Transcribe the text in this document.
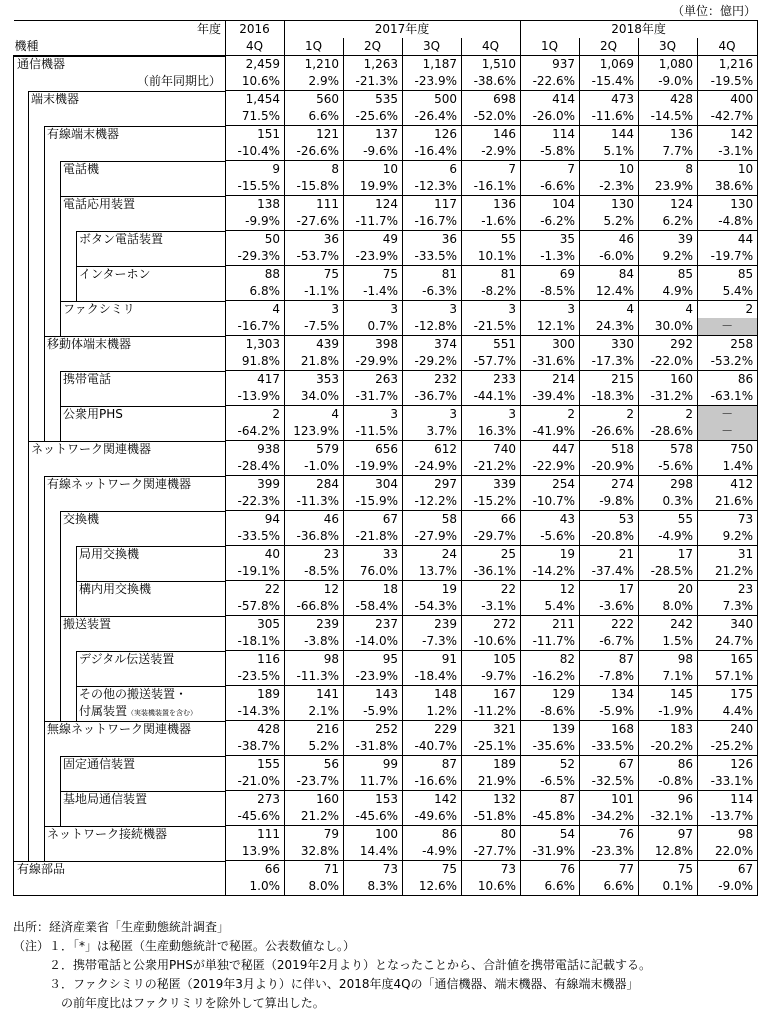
（単位：億円）
年度	2016	2017年度				2018年度			

機種	4Q	1Q	2Q	3Q	4Q	1Q	2Q	3Q	4Q

通信機器	2,459	1,210	1,263	1,187	1,510	937	1,069	1,080	1,216

（前年同期比）	10.6%	2.9%	-21.3%	-23.9%	-38.6%	-22.6%	-15.4%	-9.0%	-19.5%

端末機器	1,454	560	535	500	698	414	473	428	400

	71.5%	6.6%	-25.6%	-26.4%	-52.0%	-26.0%	-11.6%	-14.5%	-42.7%

有線端末機器	151	121	137	126	146	114	144	136	142

	-10.4%	-26.6%	-9.6%	-16.4%	-2.9%	-5.8%	5.1%	7.7%	-3.1%

電話機	9	8	10	6	7	7	10	8	10

	-15.5%	-15.8%	19.9%	-12.3%	-16.1%	-6.6%	-2.3%	23.9%	38.6%

電話応用装置	138	111	124	117	136	104	130	124	130

	-9.9%	-27.6%	-11.7%	-16.7%	-1.6%	-6.2%	5.2%	6.2%	-4.8%

ボタン電話装置	50	36	49	36	55	35	46	39	44

	-29.3%	-53.7%	-23.9%	-33.5%	10.1%	-1.3%	-6.0%	9.2%	-19.7%

インターホン	88	75	75	81	81	69	84	85	85

	6.8%	-1.1%	-1.4%	-6.3%	-8.2%	-8.5%	12.4%	4.9%	5.4%

ファクシミリ	4	3	3	3	3	3	4	4	2

	-16.7%	-7.5%	0.7%	-12.8%	-21.5%	12.1%	24.3%	30.0%	－

移動体端末機器	1,303	439	398	374	551	300	330	292	258

	91.8%	21.8%	-29.9%	-29.2%	-57.7%	-31.6%	-17.3%	-22.0%	-53.2%

携帯電話	417	353	263	232	233	214	215	160	86

	-13.9%	34.0%	-31.7%	-36.7%	-44.1%	-39.4%	-18.3%	-31.2%	-63.1%

公衆用PHS	2	4	3	3	3	2	2	2	－

	-64.2%	123.9%	-11.5%	3.7%	16.3%	-41.9%	-26.6%	-28.6%	－

ネットワーク関連機器	938	579	656	612	740	447	518	578	750

	-28.4%	-1.0%	-19.9%	-24.9%	-21.2%	-22.9%	-20.9%	-5.6%	1.4%

有線ネットワーク関連機器	399	284	304	297	339	254	274	298	412

	-22.3%	-11.3%	-15.9%	-12.2%	-15.2%	-10.7%	-9.8%	0.3%	21.6%

交換機	94	46	67	58	66	43	53	55	73

	-33.5%	-36.8%	-21.8%	-27.9%	-29.7%	-5.6%	-20.8%	-4.9%	9.2%

局用交換機	40	23	33	24	25	19	21	17	31

	-19.1%	-8.5%	76.0%	13.7%	-36.1%	-14.2%	-37.4%	-28.5%	21.2%

構内用交換機	22	12	18	19	22	12	17	20	23

	-57.8%	-66.8%	-58.4%	-54.3%	-3.1%	5.4%	-3.6%	8.0%	7.3%

搬送装置	305	239	237	239	272	211	222	242	340

	-18.1%	-3.8%	-14.0%	-7.3%	-10.6%	-11.7%	-6.7%	1.5%	24.7%

デジタル伝送装置	116	98	95	91	105	82	87	98	165

	-23.5%	-11.3%	-23.9%	-18.4%	-9.7%	-16.2%	-7.8%	7.1%	57.1%

その他の搬送装置・	189	141	143	148	167	129	134	145	175

付属装置（実装機装置を含む）	-14.3%	2.1%	-5.9%	1.2%	-11.2%	-8.6%	-5.9%	-1.9%	4.4%

無線ネットワーク関連機器	428	216	252	229	321	139	168	183	240

	-38.7%	5.2%	-31.8%	-40.7%	-25.1%	-35.6%	-33.5%	-20.2%	-25.2%

固定通信装置	155	56	99	87	189	52	67	86	126

	-21.0%	-23.7%	11.7%	-16.6%	21.9%	-6.5%	-32.5%	-0.8%	-33.1%

基地局通信装置	273	160	153	142	132	87	101	96	114

	-45.6%	21.2%	-45.6%	-49.6%	-51.8%	-45.8%	-34.2%	-32.1%	-13.7%

ネットワーク接続機器	111	79	100	86	80	54	76	97	98

	13.9%	32.8%	14.4%	-4.9%	-27.7%	-31.9%	-23.3%	12.8%	22.0%

有線部品	66	71	73	75	73	76	77	75	67
	1.0%	8.0%	8.3%	12.6%	10.6%	6.6%	6.6%	0.1%	-9.0%
出所：経済産業省「生産動態統計調査」
（注）１．「*」は秘匿（生産動態統計で秘匿。公表数値なし。）
　　　２．携帯電話と公衆用PHSが単独で秘匿（2019年2月より）となったことから、合計値を携帯電話に記載する。
　　　３．ファクシミリの秘匿（2019年3月より）に伴い、2018年度4Qの「通信機器、端末機器、有線端末機器」
　　　　の前年度比はファクリミリを除外して算出した。
